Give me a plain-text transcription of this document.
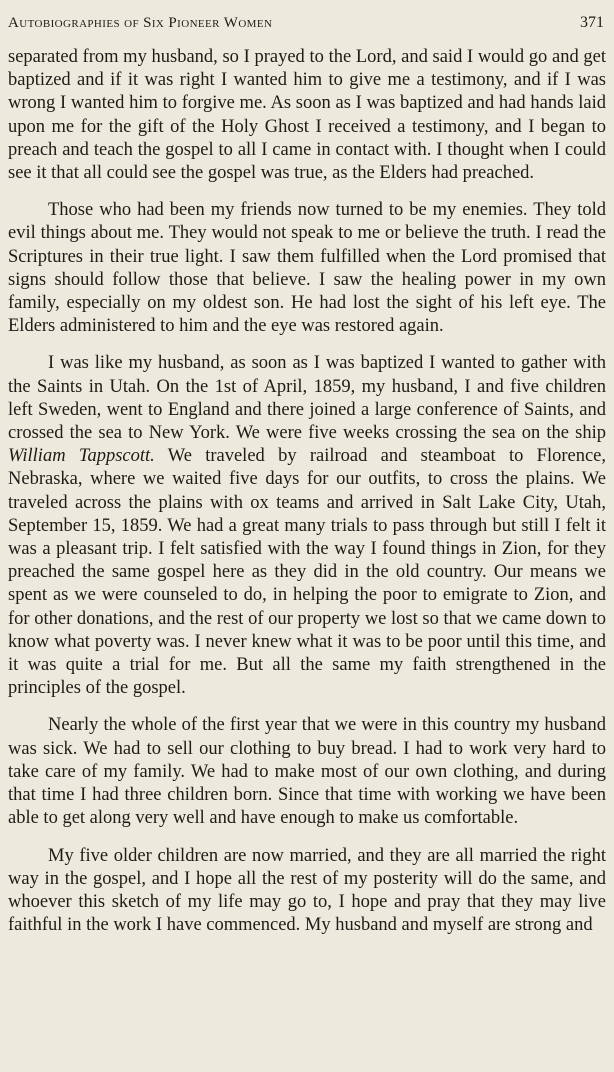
Autobiographies of Six Pioneer Women	371

separated from my husband, so I prayed to the Lord, and said I would go and get baptized and if it was right I wanted him to give me a testimony, and if I was wrong I wanted him to forgive me. As soon as I was baptized and had hands laid upon me for the gift of the Holy Ghost I received a testimony, and I began to preach and teach the gospel to all I came in contact with. I thought when I could see it that all could see the gospel was true, as the Elders had preached.

Those who had been my friends now turned to be my enemies. They told evil things about me. They would not speak to me or believe the truth. I read the Scriptures in their true light. I saw them fulfilled when the Lord promised that signs should follow those that believe. I saw the healing power in my own family, especially on my oldest son. He had lost the sight of his left eye. The Elders administered to him and the eye was restored again.

I was like my husband, as soon as I was baptized I wanted to gather with the Saints in Utah. On the 1st of April, 1859, my husband, I and five children left Sweden, went to England and there joined a large conference of Saints, and crossed the sea to New York. We were five weeks crossing the sea on the ship William Tappscott. We traveled by railroad and steamboat to Florence, Nebraska, where we waited five days for our outfits, to cross the plains. We traveled across the plains with ox teams and arrived in Salt Lake City, Utah, September 15, 1859. We had a great many trials to pass through but still I felt it was a pleasant trip. I felt satisfied with the way I found things in Zion, for they preached the same gospel here as they did in the old country. Our means we spent as we were counseled to do, in helping the poor to emigrate to Zion, and for other donations, and the rest of our property we lost so that we came down to know what poverty was. I never knew what it was to be poor until this time, and it was quite a trial for me. But all the same my faith strengthened in the principles of the gospel.

Nearly the whole of the first year that we were in this country my husband was sick. We had to sell our clothing to buy bread. I had to work very hard to take care of my family. We had to make most of our own clothing, and during that time I had three children born. Since that time with working we have been able to get along very well and have enough to make us comfortable.

My five older children are now married, and they are all married the right way in the gospel, and I hope all the rest of my posterity will do the same, and whoever this sketch of my life may go to, I hope and pray that they may live faithful in the work I have commenced. My husband and myself are strong and
